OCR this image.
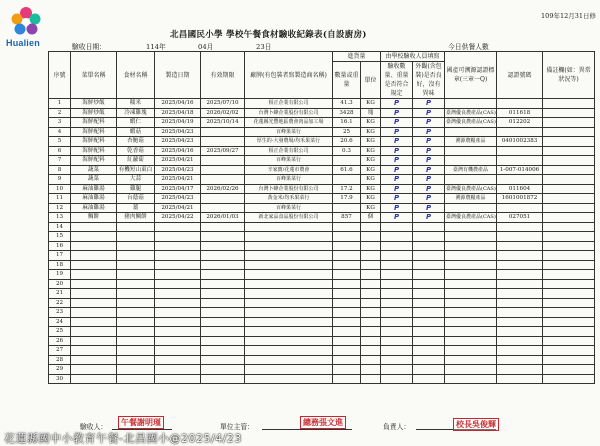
Hualien
109年12月31日修
北昌國民小學 學校午餐食材驗收紀錄表(自設廚房)
驗收日期：	114年	04月	23日	今日供餐人數
序號	菜單名稱	食材名稱	製造日期	有效期限	廠牌(有包裝者寫製造商名稱)	進貨量		由學校驗收人員填寫		國產可溯源認證標章(三章一Q)	認證號碼	備註欄(如：異常狀況等)
						數量或重量	單位	驗收數量、重量是否符合規定	外觀(含包裝)是否良好，沒有異味			
1	海鮮炒飯	糯米	2025/04/16	2025/07/10	相正企業有限公司	41.3	KG	P	P			
2	海鮮炒飯	冷凍雞塊	2025/04/18	2026/02/02	台灣卜蜂企業股份有限公司	3428	塊	P	P	臺灣優良農產品(CAS)	011618	
3	海鮮配料	蝦仁	2025/04/19	2025/10/14	花蓮縣光豐地區農會肉品加工場	16.1	KG	P	P	臺灣優良農產品(CAS)	012202	
4	海鮮配料	蝦菇	2025/04/23		百峰果菜行	25	KG	P	P			
5	海鮮配料	杏鮑菇	2025/04/23		厚生的-大發農場/均禾果菜行	20.6	KG	P	P	溯源農糧產品	0401002383	
6	海鮮配料	乾香菇	2025/04/16	2025/09/27	相正企業有限公司	0.3	KG	P	P			
7	海鮮配料	紅蘿蔔	2025/04/21		百峰果菜行		KG	P	P			
8	蔬菜	有機短山東白	2025/04/23		辛家寶/花蓮市農會	61.6	KG	P	P	臺灣有機農產品	1-007-014006	
9	蔬菜	大蒜	2025/04/21		百峰果菜行		KG	P	P			
10	麻油雞湯	雞腿	2025/04/17	2026/02/26	台灣卜蜂企業股份有限公司	17.2	KG	P	P	臺灣優良農產品(CAS)	011604	
11	麻油雞湯	台蔭菇	2025/04/23		黃金米/均禾果菜行	17.9	KG	P	P	溯源農糧產品	1601001872	
12	麻油雞湯	薑	2025/04/21		百峰果菜行		KG	P	P			
13	鯛餅	豬肉鯛餅	2025/04/22	2026/01/03	新北家品食品股份有限公司	857	個	P	P	臺灣優良農產品(CAS)	027051	
14												
15												
16												
17												
18												
19												
20												
21												
22												
23												
24												
25												
26												
27												
28												
29												
30												
驗收人：	午餐謝明瑾	單位主管：	總務張文進	負責人：	校長吳俊輝
花蓮縣國中小教育午餐-北昌國小@2025/4/23
